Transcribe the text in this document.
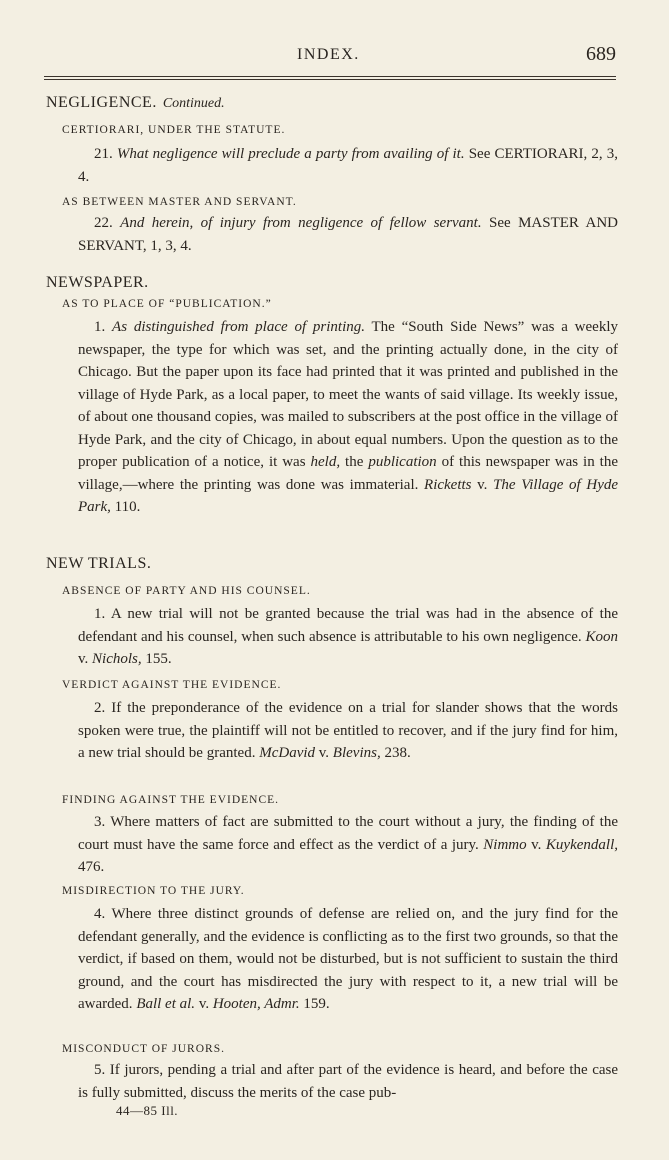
INDEX.	689
NEGLIGENCE. Continued.
CERTIORARI, UNDER THE STATUTE.
21. What negligence will preclude a party from availing of it. See CERTIORARI, 2, 3, 4.
AS BETWEEN MASTER AND SERVANT.
22. And herein, of injury from negligence of fellow servant. See MASTER AND SERVANT, 1, 3, 4.
NEWSPAPER.
AS TO PLACE OF “PUBLICATION.”
1. As distinguished from place of printing. The “South Side News” was a weekly newspaper, the type for which was set, and the printing actually done, in the city of Chicago. But the paper upon its face had printed that it was printed and published in the village of Hyde Park, as a local paper, to meet the wants of said village. Its weekly issue, of about one thousand copies, was mailed to subscribers at the post office in the village of Hyde Park, and the city of Chicago, in about equal numbers. Upon the question as to the proper publication of a notice, it was held, the publication of this newspaper was in the village,—where the printing was done was immaterial. Ricketts v. The Village of Hyde Park, 110.
NEW TRIALS.
ABSENCE OF PARTY AND HIS COUNSEL.
1. A new trial will not be granted because the trial was had in the absence of the defendant and his counsel, when such absence is attributable to his own negligence. Koon v. Nichols, 155.
VERDICT AGAINST THE EVIDENCE.
2. If the preponderance of the evidence on a trial for slander shows that the words spoken were true, the plaintiff will not be entitled to recover, and if the jury find for him, a new trial should be granted. McDavid v. Blevins, 238.
FINDING AGAINST THE EVIDENCE.
3. Where matters of fact are submitted to the court without a jury, the finding of the court must have the same force and effect as the verdict of a jury. Nimmo v. Kuykendall, 476.
MISDIRECTION TO THE JURY.
4. Where three distinct grounds of defense are relied on, and the jury find for the defendant generally, and the evidence is conflicting as to the first two grounds, so that the verdict, if based on them, would not be disturbed, but is not sufficient to sustain the third ground, and the court has misdirected the jury with respect to it, a new trial will be awarded. Ball et al. v. Hooten, Admr. 159.
MISCONDUCT OF JURORS.
5. If jurors, pending a trial and after part of the evidence is heard, and before the case is fully submitted, discuss the merits of the case pub-
44—85 Ill.
